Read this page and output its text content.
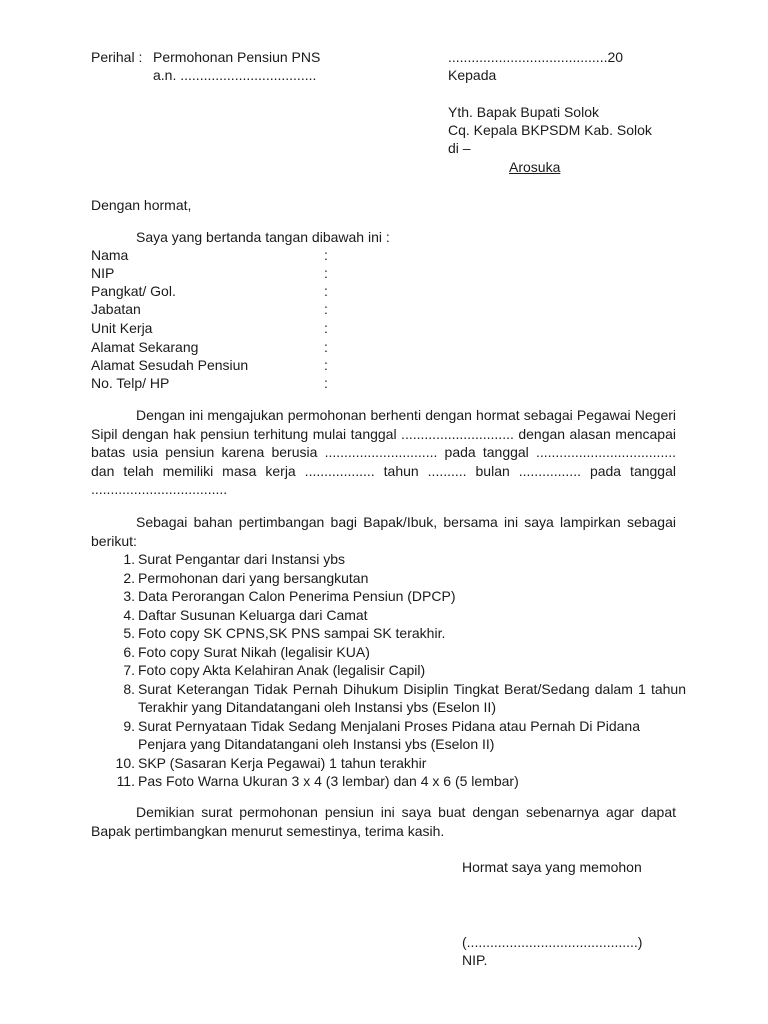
Perihal : Permohonan Pensiun PNS
a.n. ...................................
.........................................20
Kepada
Yth. Bapak Bupati Solok
Cq. Kepala BKPSDM Kab. Solok
di –
Arosuka
Dengan hormat,
Saya yang bertanda tangan dibawah ini :
Nama	:
NIP	:
Pangkat/ Gol.	:
Jabatan	:
Unit Kerja	:
Alamat Sekarang	:
Alamat Sesudah Pensiun	:
No. Telp/ HP	:
Dengan ini mengajukan permohonan berhenti dengan hormat sebagai Pegawai Negeri Sipil dengan hak pensiun terhitung mulai tanggal ............................. dengan alasan mencapai batas usia pensiun karena berusia ............................. pada tanggal .................................... dan telah memiliki masa kerja .................. tahun .......... bulan ................ pada tanggal ...................................
Sebagai bahan pertimbangan bagi Bapak/Ibuk, bersama ini saya lampirkan sebagai berikut:
1. Surat Pengantar dari Instansi ybs
2. Permohonan dari yang bersangkutan
3. Data Perorangan Calon Penerima Pensiun (DPCP)
4. Daftar Susunan Keluarga dari Camat
5. Foto copy SK CPNS,SK PNS sampai SK terakhir.
6. Foto copy Surat Nikah (legalisir KUA)
7. Foto copy Akta Kelahiran Anak (legalisir Capil)
8. Surat Keterangan Tidak Pernah Dihukum Disiplin Tingkat Berat/Sedang dalam 1 tahun Terakhir yang Ditandatangani oleh Instansi ybs (Eselon II)
9. Surat Pernyataan Tidak Sedang Menjalani Proses Pidana atau Pernah Di Pidana Penjara yang Ditandatangani oleh Instansi ybs (Eselon II)
10. SKP (Sasaran Kerja Pegawai) 1 tahun terakhir
11. Pas Foto Warna Ukuran 3 x 4 (3 lembar) dan 4 x 6 (5 lembar)
Demikian surat permohonan pensiun ini saya buat dengan sebenarnya agar dapat Bapak pertimbangkan menurut semestinya, terima kasih.
Hormat saya yang memohon
(............................................)
NIP.
